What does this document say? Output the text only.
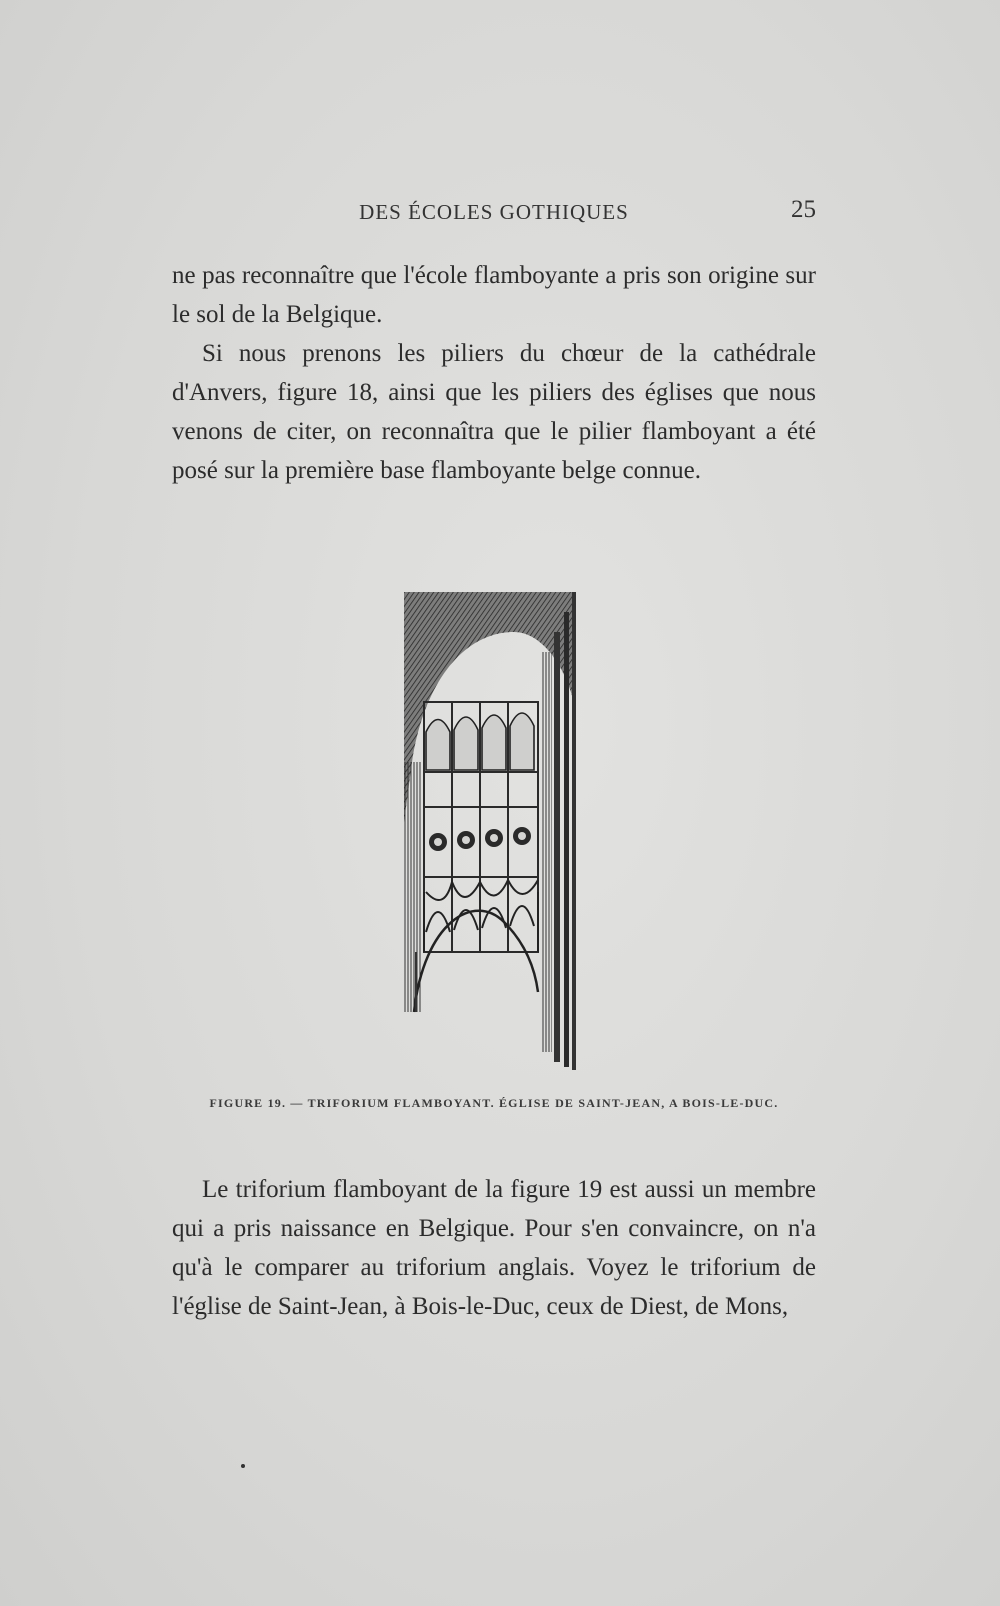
DES ÉCOLES GOTHIQUES	25

ne pas reconnaître que l'école flamboyante a pris son origine sur le sol de la Belgique.

Si nous prenons les piliers du chœur de la cathédrale d'Anvers, figure 18, ainsi que les piliers des églises que nous venons de citer, on reconnaîtra que le pilier flamboyant a été posé sur la première base flamboyante belge connue.

FIGURE 19. — TRIFORIUM FLAMBOYANT. ÉGLISE DE SAINT-JEAN, A BOIS-LE-DUC.

Le triforium flamboyant de la figure 19 est aussi un membre qui a pris naissance en Belgique. Pour s'en convaincre, on n'a qu'à le comparer au triforium anglais. Voyez le triforium de l'église de Saint-Jean, à Bois-le-Duc, ceux de Diest, de Mons,
